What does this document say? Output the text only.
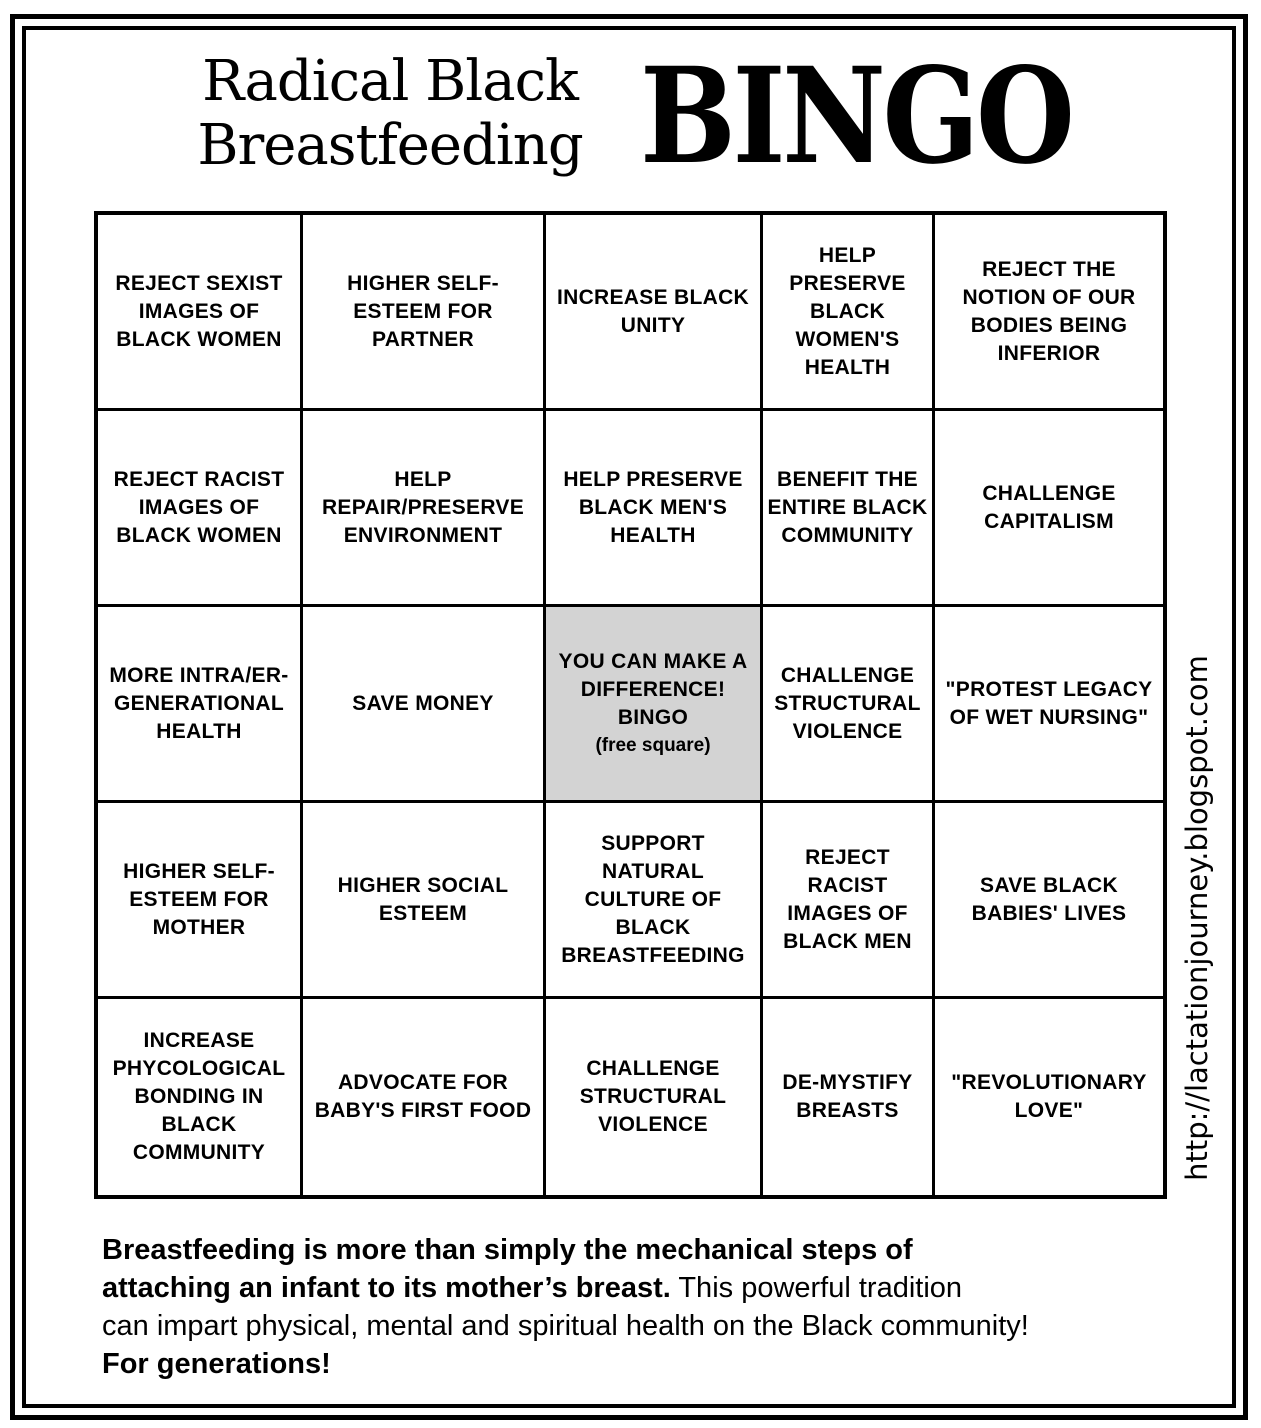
Radical Black
Breastfeeding BINGO
REJECT SEXIST IMAGES OF BLACK WOMEN
HIGHER SELF-ESTEEM FOR PARTNER
INCREASE BLACK UNITY
HELP PRESERVE BLACK WOMEN'S HEALTH
REJECT THE NOTION OF OUR BODIES BEING INFERIOR
REJECT RACIST IMAGES OF BLACK WOMEN
HELP REPAIR/PRESERVE ENVIRONMENT
HELP PRESERVE BLACK MEN'S HEALTH
BENEFIT THE ENTIRE BLACK COMMUNITY
CHALLENGE CAPITALISM
MORE INTRA/ER-GENERATIONAL HEALTH
SAVE MONEY
YOU CAN MAKE A DIFFERENCE! BINGO
(free square)
CHALLENGE STRUCTURAL VIOLENCE
"PROTEST LEGACY OF WET NURSING"
HIGHER SELF-ESTEEM FOR MOTHER
HIGHER SOCIAL ESTEEM
SUPPORT NATURAL CULTURE OF BLACK BREASTFEEDING
REJECT RACIST IMAGES OF BLACK MEN
SAVE BLACK BABIES' LIVES
INCREASE PHYCOLOGICAL BONDING IN BLACK COMMUNITY
ADVOCATE FOR BABY'S FIRST FOOD
CHALLENGE STRUCTURAL VIOLENCE
DE-MYSTIFY BREASTS
"REVOLUTIONARY LOVE"	http://lactationjourney.blogspot.com
Breastfeeding is more than simply the mechanical steps of
attaching an infant to its mother’s breast. This powerful tradition
can impart physical, mental and spiritual health on the Black community!
For generations!
